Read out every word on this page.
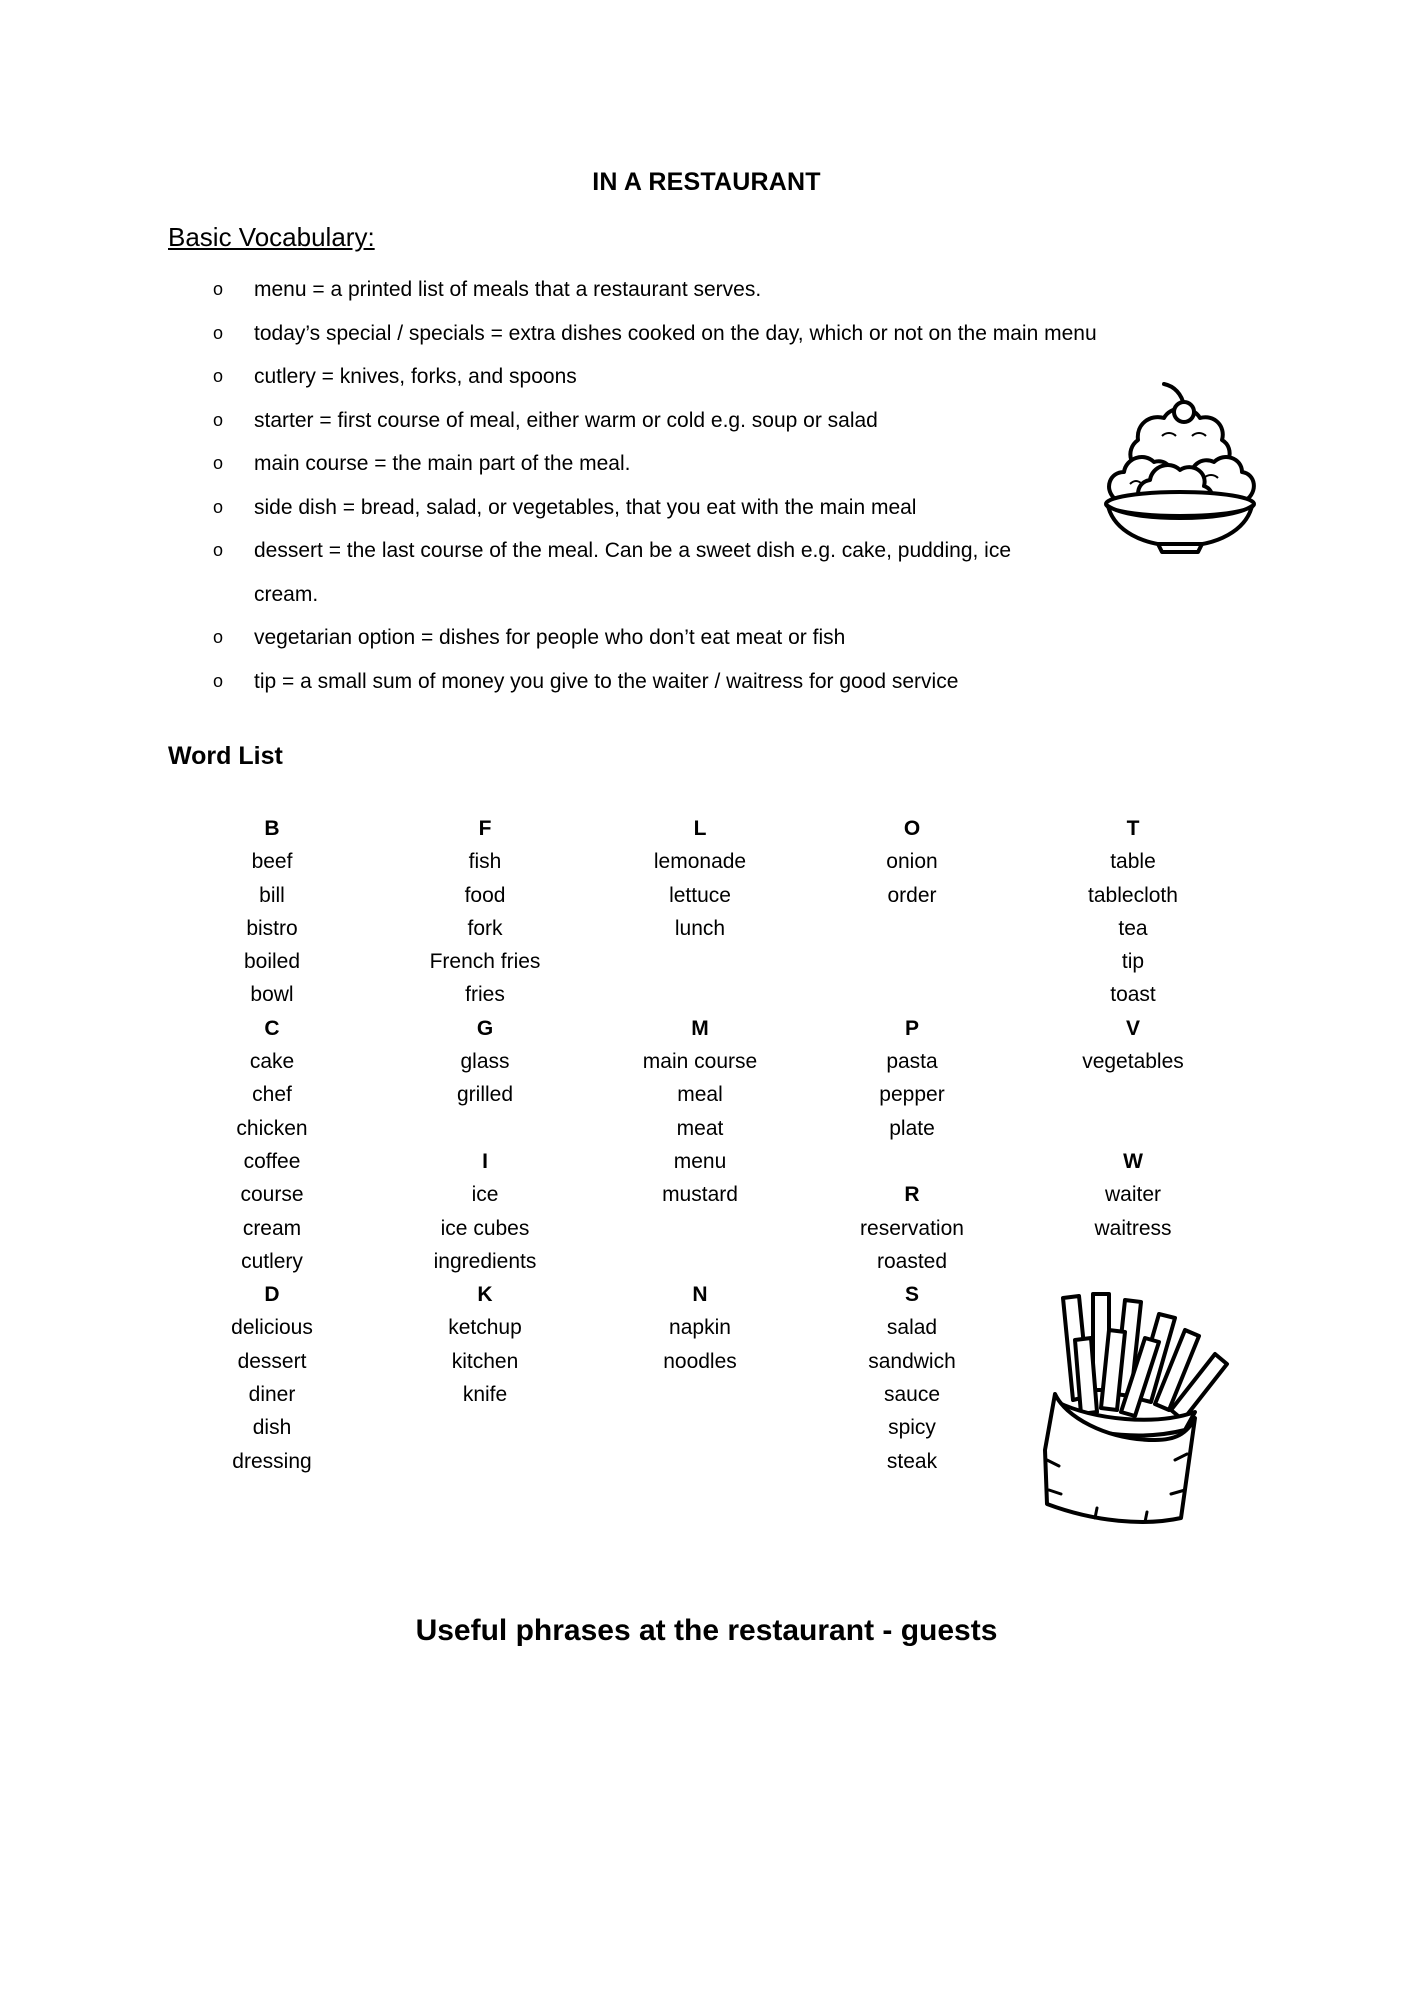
IN A RESTAURANT
Basic Vocabulary:
o menu = a printed list of meals that a restaurant serves.
o today’s special / specials = extra dishes cooked on the day, which or not on the main menu
o cutlery = knives, forks, and spoons
o starter = first course of meal, either warm or cold e.g. soup or salad
o main course = the main part of the meal.
o side dish = bread, salad, or vegetables, that you eat with the main meal
o dessert = the last course of the meal. Can be a sweet dish e.g. cake, pudding, ice
cream.
o vegetarian option = dishes for people who don’t eat meat or fish
o tip = a small sum of money you give to the waiter / waitress for good service
Word List
B
beef
bill
bistro
boiled
bowl
C
cake
chef
chicken
coffee
course
cream
cutlery
D
delicious
dessert
diner
dish
dressing
F
fish
food
fork
French fries
fries
G
glass
grilled
I
ice
ice cubes
ingredients
K
ketchup
kitchen
knife
L
lemonade
lettuce
lunch
M
main course
meal
meat
menu
mustard
N
napkin
noodles
O
onion
order
P
pasta
pepper
plate
R
reservation
roasted
S
salad
sandwich
sauce
spicy
steak
T
table
tablecloth
tea
tip
toast
V
vegetables
W
waiter
waitress
Useful phrases at the restaurant - guests
